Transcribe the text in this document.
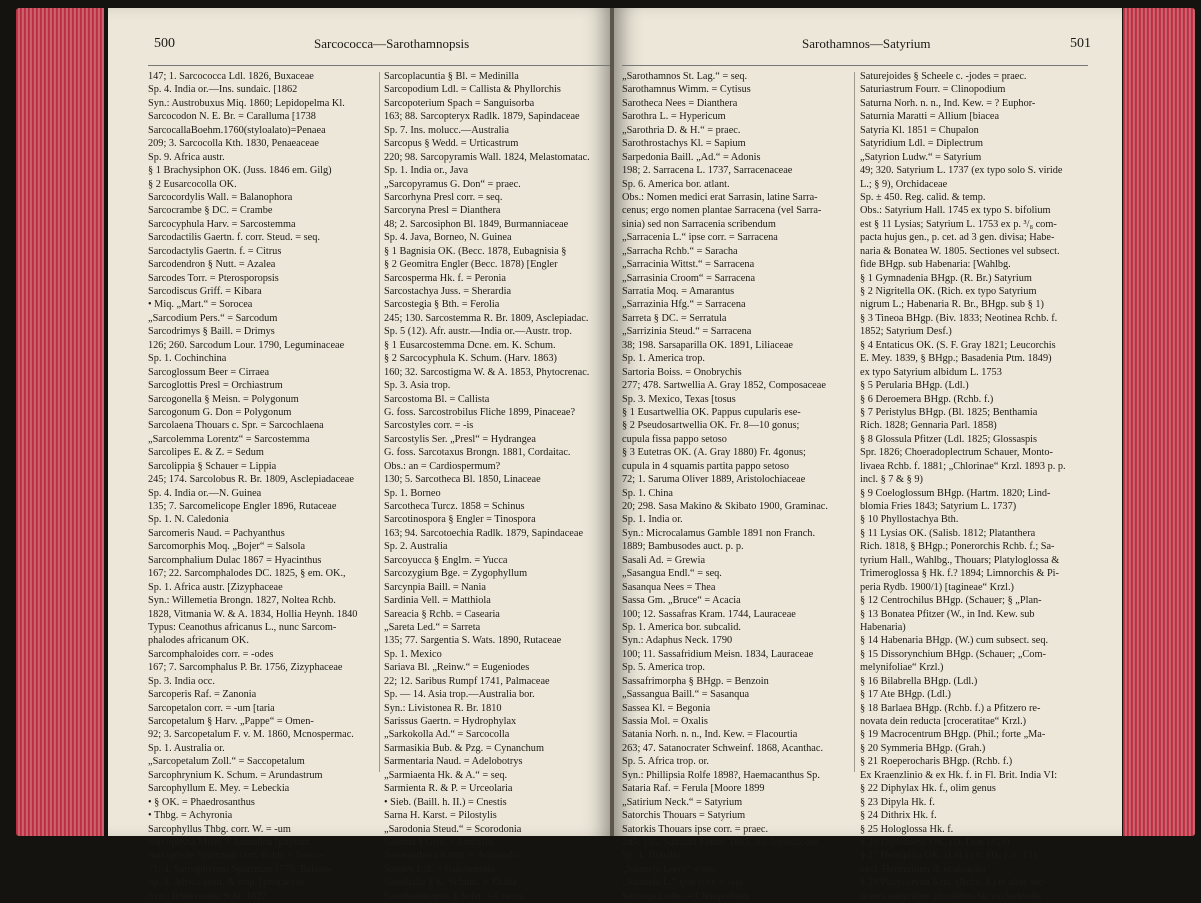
500	Sarcococca—Sarothamnopsis
147; 1. Sarcococca Ldl. 1826, Buxaceae
Sp. 4. India or.—Ins. sundaic. [1862
Syn.: Austrobuxus Miq. 1860; Lepidopelma Kl.
Sarcocodon N. E. Br. = Caralluma [1738
SarcocallaBoehm.1760(styloalato)=Penaea
209; 3. Sarcocolla Kth. 1830, Penaeaceae
Sp. 9. Africa austr.
§ 1 Brachysiphon OK. (Juss. 1846 em. Gilg)
§ 2 Eusarcocolla OK.
Sarcocordylis Wall. = Balanophora
Sarcocrambe § DC. = Crambe
Sarcocyphula Harv. = Sarcostemma
Sarcodactilis Gaertn. f. corr. Steud. = seq.
Sarcodactylis Gaertn. f. = Citrus
Sarcodendron § Nutt. = Azalea
Sarcodes Torr. = Pterosporopsis
Sarcodiscus Griff. = Kibara
• Miq. „Mart.“ = Sorocea
„Sarcodium Pers.“ = Sarcodum
Sarcodrimys § Baill. = Drimys
126; 260. Sarcodum Lour. 1790, Leguminaceae
Sp. 1. Cochinchina
Sarcoglossum Beer = Cirraea
Sarcoglottis Presl = Orchiastrum
Sarcogonella § Meisn. = Polygonum
Sarcogonum G. Don = Polygonum
Sarcolaena Thouars c. Spr. = Sarcochlaena
„Sarcolemma Lorentz“ = Sarcostemma
Sarcolipes E. & Z. = Sedum
Sarcolippia § Schauer = Lippia
245; 174. Sarcolobus R. Br. 1809, Asclepiadaceae
Sp. 4. India or.—N. Guinea
135; 7. Sarcomelicope Engler 1896, Rutaceae
Sp. 1. N. Caledonia
Sarcomeris Naud. = Pachyanthus
Sarcomorphis Moq. „Bojer“ = Salsola
Sarcomphalium Dulac 1867 = Hyacinthus
167; 22. Sarcomphalodes DC. 1825, § em. OK.,
Sp. 1. Africa austr. [Zizyphaceae
Syn.: Willemetia Brongn. 1827, Noltea Rchb.
1828, Vitmania W. & A. 1834, Hollia Heynh. 1840
Typus: Ceanothus africanus L., nunc Sarcom-
phalodes africanum OK.
Sarcomphaloides corr. = -odes
167; 7. Sarcomphalus P. Br. 1756, Zizyphaceae
Sp. 3. India occ.
Sarcoperis Raf. = Zanonia
Sarcopetalon corr. = -um [taria
Sarcopetalum § Harv. „Pappe“ = Omen-
92; 3. Sarcopetalum F. v. M. 1860, Mcnospermac.
Sp. 1. Australia or.
„Sarcopetalum Zoll.“ = Saccopetalum
Sarcophrynium K. Schum. = Arundastrum
Sarcophyllum E. Mey. = Lebeckia
• § OK. = Phaedrosanthus
• Thbg. = Achyronia
Sarcophyllus Thbg. corr. W. = -um
Sarcophysa Miers = Juanulloa [phytum
Sarcophyte Sparrman corr. Rchb. = Sarco-
71; 4. Sarcophytum Sparrman 1776, Balano-
Sp. 1. Africa austr. & trop. [phoraceae
Syn.: Ichthyosma Schl. 1827
Sarcoplacuntia § Bl. = Medinilla
Sarcopodium Ldl. = Callista & Phyllorchis
Sarcopoterium Spach = Sanguisorba
163; 88. Sarcopteryx Radlk. 1879, Sapindaceae
Sp. 7. Ins. molucc.—Australia
Sarcopus § Wedd. = Urticastrum
220; 98. Sarcopyramis Wall. 1824, Melastomatac.
Sp. 1. India or., Java
„Sarcopyramus G. Don“ = praec.
Sarcorhyna Presl corr. = seq.
Sarcoryna Presl = Dianthera
48; 2. Sarcosiphon Bl. 1849, Burmanniaceae
Sp. 4. Java, Borneo, N. Guinea
§ 1 Bagnisia OK. (Becc. 1878, Eubagnisia §
§ 2 Geomitra Engler (Becc. 1878) [Engler
Sarcosperma Hk. f. = Peronia
Sarcostachya Juss. = Sherardia
Sarcostegia § Bth. = Ferolia
245; 130. Sarcostemma R. Br. 1809, Asclepiadac.
Sp. 5 (12). Afr. austr.—India or.—Austr. trop.
§ 1 Eusarcostemma Dcne. em. K. Schum.
§ 2 Sarcocyphula K. Schum. (Harv. 1863)
160; 32. Sarcostigma W. & A. 1853, Phytocrenac.
Sp. 3. Asia trop.
Sarcostoma Bl. = Callista
G. foss. Sarcostrobilus Fliche 1899, Pinaceae?
Sarcostyles corr. = -is
Sarcostylis Ser. „Presl“ = Hydrangea
G. foss. Sarcotaxus Brongn. 1881, Cordaitac.
Obs.: an = Cardiospermum?
130; 5. Sarcotheca Bl. 1850, Linaceae
Sp. 1. Borneo
Sarcotheca Turcz. 1858 = Schinus
Sarcotinospora § Engler = Tinospora
163; 94. Sarcotoechia Radlk. 1879, Sapindaceae
Sp. 2. Australia
Sarcoyucca § Englm. = Yucca
Sarcozygium Bge. = Zygophyllum
Sarcynpia Baill. = Nania
Sardinia Vell. = Matthiola
Sareacia § Rchb. = Casearia
„Sareta Led.“ = Sarreta
135; 77. Sargentia S. Wats. 1890, Rutaceae
Sp. 1. Mexico
Sariava Bl. „Reinw.“ = Eugeniodes
22; 12. Saribus Rumpf 1741, Palmaceae
Sp. — 14. Asia trop.—Australia bor.
Syn.: Livistonea R. Br. 1810
Sarissus Gaertn. = Hydrophylax
„Sarkokolla Ad.“ = Sarcocolla
Sarmasikia Bub. & Pzg. = Cynanchum
Sarmentaria Naud. = Adelobotrys
„Sarmiaenta Hk. & A.“ = seq.
Sarmienta R. & P. = Urceolaria
• Sieb. (Baill. h. II.) = Cnestis
Sarna H. Karst. = Pilostylis
„Sarodonia Steud.“ = Scorodonia
Saroma § Gris. = Anthyllis
Sarosanthera Korth. = Adinandra
Sarotes Ldl. = Guichenotia
Sarothalia § K. Schum. = Thalia
Sarothamnopsis § Soler. = Cracca
Sarothamnos—Satyrium	501
„Sarothamnos St. Lag.“ = seq.
Sarothamnus Wimm. = Cytisus
Sarotheca Nees = Dianthera
Sarothra L. = Hypericum
„Sarothria D. & H.“ = praec.
Sarothrostachys Kl. = Sapium
Sarpedonia Baill. „Ad.“ = Adonis
198; 2. Sarracena L. 1737, Sarracenaceae
Sp. 6. America bor. atlant.
Obs.: Nomen medici erat Sarrasin, latine Sarra-
cenus; ergo nomen plantae Sarracena (vel Sarra-
sinia) sed non Sarracenia scribendum
„Sarracenia L.“ ipse corr. = Sarracena
„Sarracha Rchb.“ = Saracha
„Sarracinia Wittst.“ = Sarracena
„Sarrasinia Croom“ = Sarracena
Sarratia Moq. = Amarantus
„Sarrazinia Hfg.“ = Sarracena
Sarreta § DC. = Serratula
„Sarrizinia Steud.“ = Sarracena
38; 198. Sarsaparilla OK. 1891, Liliaceae
Sp. 1. America trop.
Sartoria Boiss. = Onobrychis
277; 478. Sartwellia A. Gray 1852, Composaceae
Sp. 3. Mexico, Texas [tosus
§ 1 Eusartwellia OK. Pappus cupularis ese-
§ 2 Pseudosartwellia OK. Fr. 8—10 gonus;
cupula fissa pappo setoso
§ 3 Eutetras OK. (A. Gray 1880) Fr. 4gonus;
cupula in 4 squamis partita pappo setoso
72; 1. Saruma Oliver 1889, Aristolochiaceae
Sp. 1. China
20; 298. Sasa Makino & Skibato 1900, Graminac.
Sp. 1. India or.
Syn.: Microcalamus Gamble 1891 non Franch.
1889; Bambusodes auct. p. p.
Sasali Ad. = Grewia
„Sasangua Endl.“ = seq.
Sasanqua Nees = Thea
Sassa Gm. „Bruce“ = Acacia
100; 12. Sassafras Kram. 1744, Lauraceae
Sp. 1. America bor. subcalid.
Syn.: Adaphus Neck. 1790
100; 11. Sassafridium Meisn. 1834, Lauraceae
Sp. 5. America trop.
Sassafrimorpha § BHgp. = Benzoin
„Sassangua Baill.“ = Sasanqua
Sassea Kl. = Begonia
Sassia Mol. = Oxalis
Satania Norh. n. n., Ind. Kew. = Flacourtia
263; 47. Satanocrater Schweinf. 1868, Acanthac.
Sp. 5. Africa trop. or.
Syn.: Phillipsia Rolfe 1898?, Haemacanthus Sp.
Sataria Raf. = Ferula [Moore 1899
„Satirium Neck.“ = Satyrium
Satorchis Thouars = Satyrium
Satorkis Thouars ipse corr. = praec.
245; 135. Sattadia Fourn. 1885, Asclepiadaceae
Sp. 1. Brasilia
„Satureja Leers“ = seq.
„Satureia L.“ ipse corr. = -eja
Satureja Ludw. = Clinopodium
Saturejoides § Scheele c. -jodes = praec.
Saturiastrum Fourr. = Clinopodium
Saturna Norh. n. n., Ind. Kew. = ? Euphor-
Saturnia Maratti = Allium [biacea
Satyria Kl. 1851 = Chupalon
Satyridium Ldl. = Diplectrum
„Satyrion Ludw.“ = Satyrium
49; 320. Satyrium L. 1737 (ex typo solo S. viride
L.; § 9), Orchidaceae
Sp. ± 450. Reg. calid. & temp.
Obs.: Satyrium Hall. 1745 ex typo S. bifolium
est § 11 Lysias; Satyrium L. 1753 ex p. ³/₈ com-
pacta hujus gen., p. cet. ad 3 gen. divisa; Habe-
naria & Bonatea W. 1805. Sectiones vel subsect.
fide BHgp. sub Habenaria: [Wahlbg.
§ 1 Gymnadenia BHgp. (R. Br.) Satyrium
§ 2 Nigritella OK. (Rich. ex typo Satyrium
nigrum L.; Habenaria R. Br., BHgp. sub § 1)
§ 3 Tineoa BHgp. (Biv. 1833; Neotinea Rchb. f.
1852; Satyrium Desf.)
§ 4 Entaticus OK. (S. F. Gray 1821; Leucorchis
E. Mey. 1839, § BHgp.; Basadenia Ptm. 1849)
ex typo Satyrium albidum L. 1753
§ 5 Perularia BHgp. (Ldl.)
§ 6 Deroemera BHgp. (Rchb. f.)
§ 7 Peristylus BHgp. (Bl. 1825; Benthamia
Rich. 1828; Gennaria Parl. 1858)
§ 8 Glossula Pfitzer (Ldl. 1825; Glossaspis
Spr. 1826; Choeradoplectrum Schauer, Monto-
livaea Rchb. f. 1881; „Chlorinae“ Krzl. 1893 p. p.
incl. § 7 & § 9)
§ 9 Coeloglossum BHgp. (Hartm. 1820; Lind-
blomia Fries 1843; Satyrium L. 1737)
§ 10 Phyllostachya Bth.
§ 11 Lysias OK. (Salisb. 1812; Platanthera
Rich. 1818, § BHgp.; Ponerorchis Rchb. f.; Sa-
tyrium Hall., Wahlbg., Thouars; Platyloglossa &
Trimeroglossa § Hk. f.? 1894; Limnorchis & Pi-
peria Rydb. 1900/1) [tagineae“ Krzl.)
§ 12 Centrochilus BHgp. (Schauer; § „Plan-
§ 13 Bonatea Pfitzer (W., in Ind. Kew. sub
Habenaria)
§ 14 Habenaria BHgp. (W.) cum subsect. seq.
§ 15 Dissorynchium BHgp. (Schauer; „Com-
melynifoliae“ Krzl.)
§ 16 Bilabrella BHgp. (Ldl.)
§ 17 Ate BHgp. (Ldl.)
§ 18 Barlaea BHgp. (Rchb. f.) a Pfitzero re-
novata dein reducta [croceratitae“ Krzl.)
§ 19 Macrocentrum BHgp. (Phil.; forte „Ma-
§ 20 Symmeria BHgp. (Grah.)
§ 21 Roeperocharis BHgp. (Rchb. f.)
Ex Kraenzlinio & ex Hk. f. in Fl. Brit. India VI:
§ 22 Diphylax Hk. f., olim genus
§ 23 Dipyla Hk. f.
§ 24 Dithrix Hk. f.
§ 25 Hologlossa Hk. f.
§ 26 Diplomeris OK. (D. Don 1825)
§ 27 Hemipilia OK. (Ldl.) cfr. Hk. l. c. 131
excl. Herminium fl. ecalcarato
§ 28 Platycoryna Krzl. (Rchb. f.) et aliae sec-
tiones nominibus pluralibus hic excludendis
